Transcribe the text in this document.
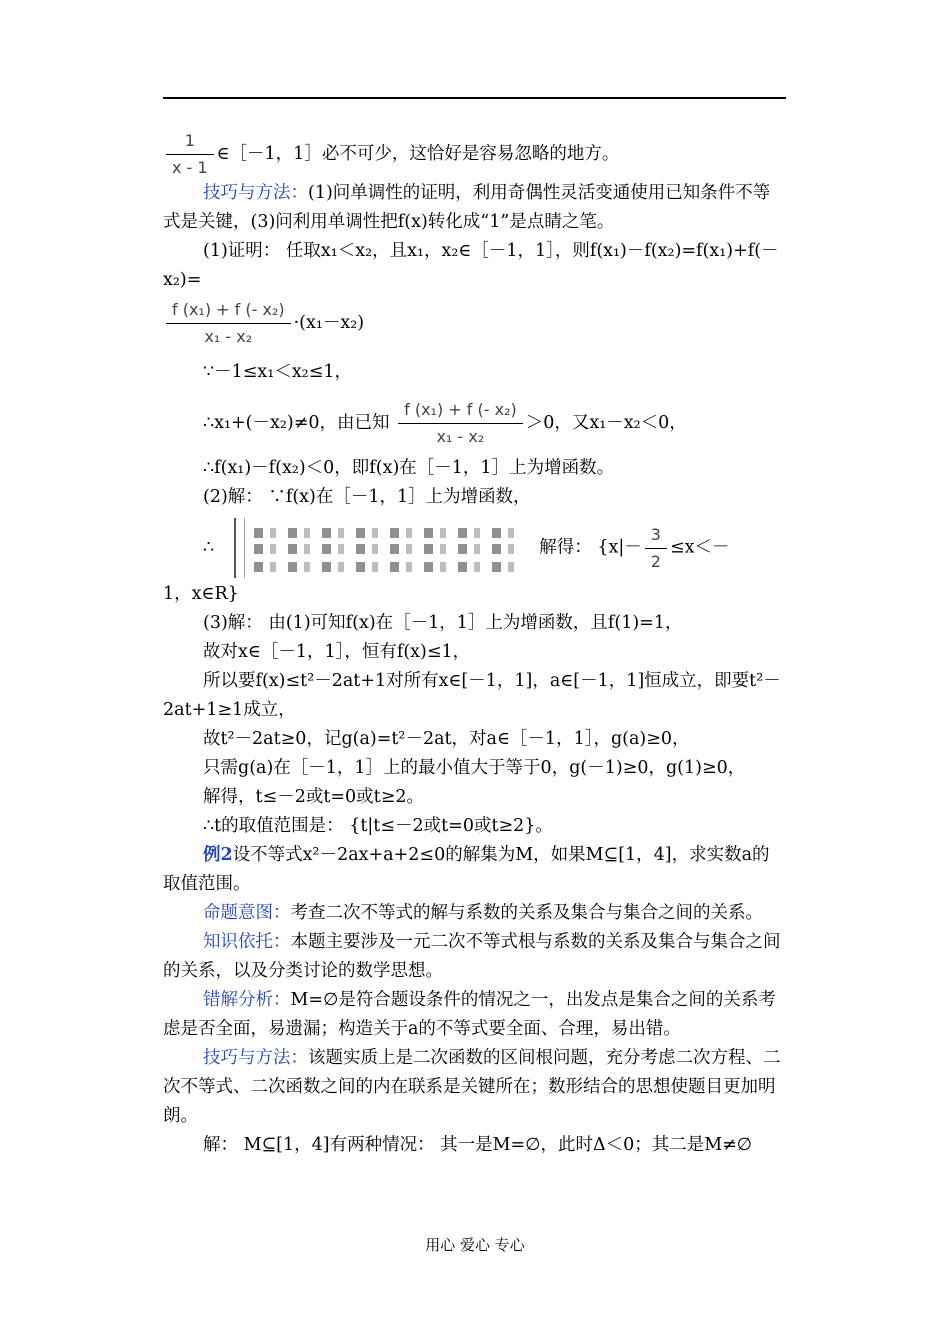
$\frac{1}{x - 1}$ ∈［－1，1］必不可少，这恰好是容易忽略的地方。

技巧与方法：(1)问单调性的证明，利用奇偶性灵活变通使用已知条件不等式是关键，(3)问利用单调性把f(x)转化成“1”是点睛之笔。

(1)证明： 任取x₁＜x₂，且x₁，x₂∈［－1，1］，则f(x₁)－f(x₂)=f(x₁)+f(－x₂)=

$\frac{\text{f (x₁) + f (- x₂)}}{\text{x₁ - x₂}} \cdot(x_1-x_2)$

∵－1≤x₁＜x₂≤1，

∴x₁+(－x₂)≠0，由已知 $\frac{\text{f (x₁) + f (- x₂)}}{\text{x₁ - x₂}} >0$，又x₁－x₂＜0，

∴f(x₁)－f(x₂)＜0，即f(x)在［－1，1］上为增函数。

(2)解： ∵f(x)在［－1，1］上为增函数，

∴	解得： {$x|- \frac{3}{2} \le x<-$

1，x∈R}

(3)解： 由(1)可知f(x)在［－1，1］上为增函数，且f(1)=1，

故对x∈［－1，1］，恒有f(x)≤1，

所以要f(x)≤t²－2at+1对所有x∈[－1，1]，a∈[－1，1]恒成立，即要t²－2at+1≥1成立，

故t²－2at≥0，记g(a)=t²－2at，对a∈［－1，1］，g(a)≥0，

只需g(a)在［－1，1］上的最小值大于等于0，g(－1)≥0，g(1)≥0，

解得，t≤－2或t=0或t≥2。

∴t的取值范围是： {t|t≤－2或t=0或t≥2}。

例2设不等式x²－2ax+a+2≤0的解集为M，如果M⊆[1，4]，求实数a的取值范围。

命题意图：考查二次不等式的解与系数的关系及集合与集合之间的关系。

知识依托：本题主要涉及一元二次不等式根与系数的关系及集合与集合之间的关系，以及分类讨论的数学思想。

错解分析：M=∅是符合题设条件的情况之一，出发点是集合之间的关系考虑是否全面，易遗漏；构造关于a的不等式要全面、合理，易出错。

技巧与方法：该题实质上是二次函数的区间根问题，充分考虑二次方程、二次不等式、二次函数之间的内在联系是关键所在；数形结合的思想使题目更加明朗。

解： M⊆[1，4]有两种情况： 其一是M=∅，此时Δ＜0；其二是M≠∅

用心 爱心 专心
